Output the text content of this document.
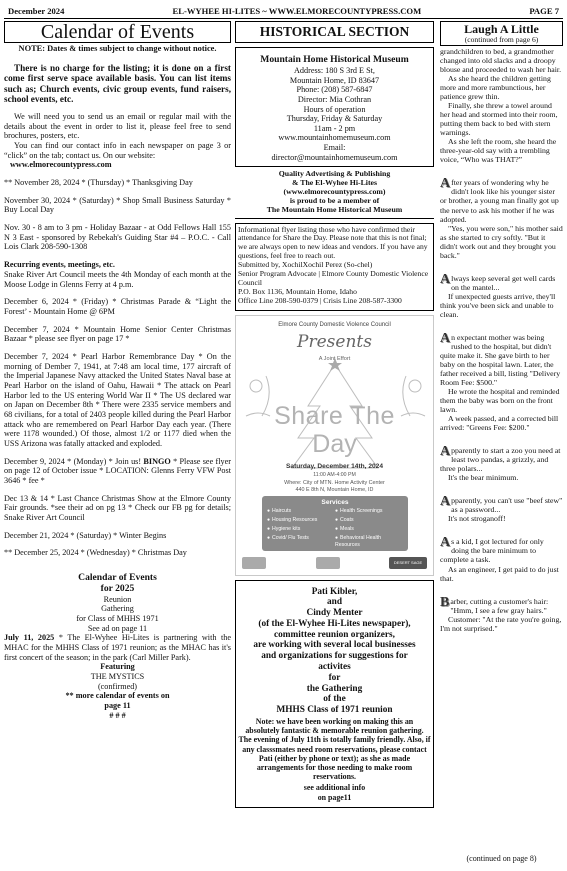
December 2024	EL-WYHEE HI-LITES ~ WWW.ELMORECOUNTYPRESS.COM	PAGE 7
Calendar of Events
NOTE: Dates & times subject to change without notice.
There is no charge for the listing; it is done on a first come first serve space available basis. You can list items such as; Church events, civic group events, fund raisers, school events, etc.
We will need you to send us an email or regular mail with the details about the event in order to list it, please feel free to send brochures, posters, etc.
You can find our contact info in each newspaper on page 3 or “click” on the tab; contact us. On our website:
www.elmorecountypress.com
** November 28, 2024 * (Thursday) * Thanksgiving Day
November 30, 2024 * (Saturday) * Shop Small Business Saturday * Buy Local Day
Nov. 30 - 8 am to 3 pm - Holiday Bazaar - at Odd Fellows Hall 155 N 3 East - sponsored by Rebekah's Guiding Star #4 – P.O.C. - Call Lois Clark 208-590-1308
Recurring events, meetings, etc.
Snake River Art Council meets the 4th Monday of each month at the Moose Lodge in Glenns Ferry at 4 p.m.
December 6, 2024 * (Friday) * Christmas Parade & “Light the Forest’ - Mountain Home @ 6PM
December 7, 2024 * Mountain Home Senior Center Christmas Bazaar * please see flyer on page 17 *
December 7, 2024 * Pearl Harbor Remembrance Day * On the morning of Dember 7, 1941, at 7:48 am local time, 177 aircraft of the Imperial Japanese Navy attacked the United States Naval base at Pearl Harbor on the island of Oahu, Hawaii * The attack on Pearl Harbor led to the US entering World War II * The US declared war on Japan on December 8th * There were 2335 service members and 68 civilians, for a total of 2403 people killed during the Pearl Harbor attack who are remembered on Pearl Harbor Day each year. (There were 1178 wounded.) Of those, almost 1/2 or 1177 died when the USS Arizona was fatally attacked and exploded.
December 9, 2024 * (Monday) * Join us! BINGO * Please see flyer on page 12 of October issue * LOCATION: Glenns Ferry VFW Post 3646 * fee *
Dec 13 & 14 * Last Chance Christmas Show at the Elmore County Fair grounds. *see their ad on pg 13 * Check our FB pg for details; Snake River Art Council
December 21, 2024 * (Saturday) * Winter Begins
** December 25, 2024 * (Wednesday) * Christmas Day
Calendar of Events
for 2025
Reunion
Gathering
for Class of MHHS 1971
See ad on page 11
July 11, 2025 * The El-Wyhee Hi-Lites is partnering with the MHAC for the MHHS Class of 1971 reunion; as the MHAC has it's first concert of the season; in the park (Carl Miller Park).
Featuring
THE MYSTICS
(confirmed)
** more calendar of events on
page 11
# # #
HISTORICAL SECTION
Mountain Home Historical Museum
Address: 180 S 3rd E St,
Mountain Home, ID 83647
Phone: (208) 587-6847
Director: Mia Cothran
Hours of operation
Thursday, Friday & Saturday
11am - 2 pm
www.mountainhomemuseum.com
Email:
director@mountainhomemuseum.com
Quality Advertising & Publishing
& The El-Wyhee Hi-Lites
(www.elmorecountypress.com)
is proud to be a member of
The Mountain Home Historical Museum
Informational flyer listing those who have confirmed their attendance for Share the Day. Please note that this is not final; we are always open to new ideas and vendors. If you have any questions, feel free to reach out.
Submitted by, XochilXochil Perez (So-chel)
Senior Program Advocate | Elmore County Domestic Violence Council
P.O. Box 1136, Mountain Home, Idaho
Office Line 208-590-0379 | Crisis Line 208-587-3300
Elmore County Domestic Violence Council
Presents
A Joint Effort
Share The
Day
Saturday, December 14th, 2024
11:00 AM-4:00 PM
Where: City of MTN. Home Activity Center
440 E 8th N, Mountain Home, ID
Services
● Haircuts	● Health Screenings
● Housing Resources	● Coats
● Hygiene kits	● Meals
● Covid/ Flu Tests	● Behavioral Health Resources
DESERT SAGE
Pati Kibler,
and
Cindy Menter
(of the El-Wyhee Hi-Lites newspaper),
committee reunion organizers,
are working with several local businesses
and organizations for suggestions for
activites
for
the Gathering
of the
MHHS Class of 1971 reunion
Note: we have been working on making this an absolutely fantastic & memorable reunion gathering. The evening of July 11th is totally family friendly. Also, if any classsmates need room reservations, please contact Pati (either by phone or text); as she as made arrangements for those needing to make room reservations.
see additional info
on page11
Laugh A Little
(continued from page 6)
grandchildren to bed, a grandmother changed into old slacks and a droopy blouse and proceeded to wash her hair.
As she heard the children getting more and more rambunctious, her patience grew thin.
Finally, she threw a towel around her head and stormed into their room, putting them back to bed with stern warnings.
As she left the room, she heard the three-year-old say with a trembling voice, “Who was THAT?”
After years of wondering why he didn't look like his younger sister or brother, a young man finally got up the nerve to ask his mother if he was adopted.
"Yes, you were son," his mother said as she started to cry softly. "But it didn't work out and they brought you back."
Always keep several get well cards on the mantel...
If unexpected guests arrive, they'll think you've been sick and unable to clean.
An expectant mother was being rushed to the hospital, but didn't quite make it. She gave birth to her baby on the hospital lawn. Later, the father received a bill, listing "Delivery Room Fee: $500."
He wrote the hospital and reminded them the baby was born on the front lawn.
A week passed, and a corrected bill arrived: "Greens Fee: $200."
Apparently to start a zoo you need at least two pandas, a grizzly, and three polars...
It's the bear minimum.
Apparently, you can't use "beef stew" as a password...
It's not stroganoff!
As a kid, I got lectured for only doing the bare minimum to complete a task.
As an engineer, I get paid to do just that.
Barber, cutting a customer's hair: "Hmm, I see a few gray hairs."
Customer: "At the rate you're going, I'm not surprised."
(continued on page 8)
